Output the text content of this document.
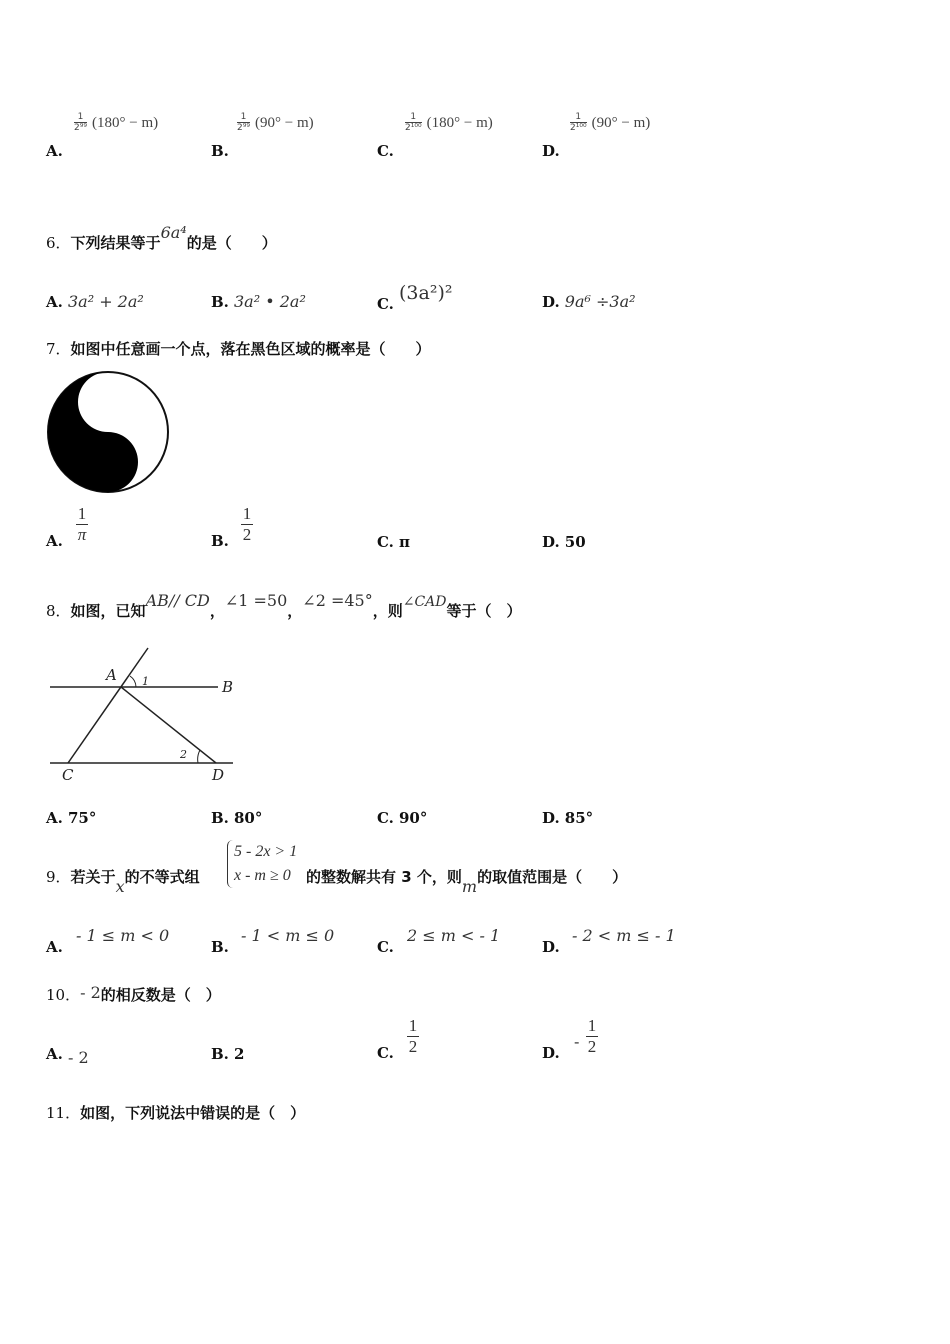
A.
$\frac{1}{\text{2⁹⁹}} (180^\circ - m)$
B.
$\frac{1}{\text{2⁹⁹}} (90^\circ - m)$
C.
$\frac{1}{\text{2¹⁰⁰}} (180^\circ - m)$
D.
$\frac{1}{\text{2¹⁰⁰}} (90^\circ - m)$
6．下列结果等于6a⁴的是（　　）
A. 3a² + 2a²	B. 3a² • 2a²	C. (3a²)²	D. 9a⁶ ÷3a²
7．如图中任意画一个点，落在黑色区域的概率是（　　）
A.
1
π	B.
1
2	C. π	D. 50
8．如图，已知AB// CD，∠1 =50，∠2 =45°，则∠CAD等于（　）
A
B
C	D
1
2
A. 75°	B. 80°	C. 90°	D. 85°
9．若关于x的不等式组
5 - 2x > 1
x - m ≥ 0	的整数解共有 3 个，则m的取值范围是（　　）
A.
- 1 ≤ m < 0
B.
- 1 < m ≤ 0
C.
2 ≤ m < - 1
D.
- 2 < m ≤ - 1
10．- 2的相反数是（　）
A. - 2	B. 2	C.
1
2	D.
-
1
2
11．如图，下列说法中错误的是（　）
